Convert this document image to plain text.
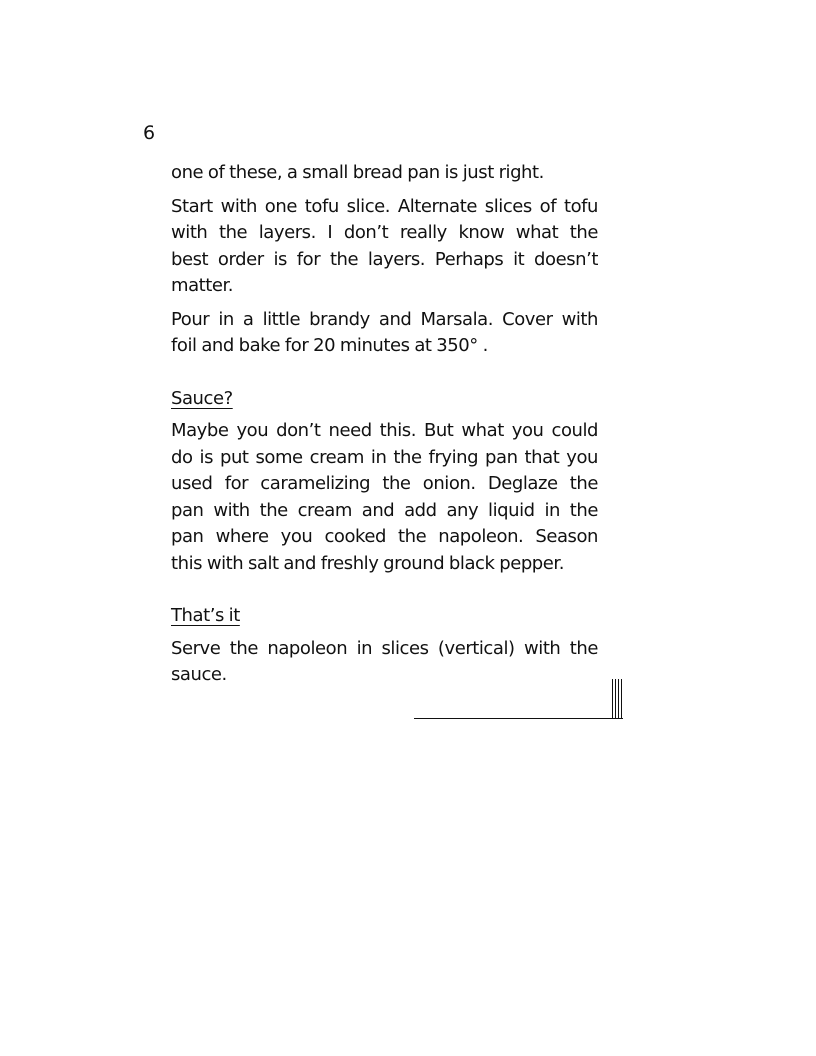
6

one of these, a small bread pan is just right.

Start with one tofu slice. Alternate slices of tofu
with the layers. I don’t really know what the
best order is for the layers. Perhaps it doesn’t
matter.

Pour in a little brandy and Marsala. Cover with
foil and bake for 20 minutes at 350° .

Sauce?

Maybe you don’t need this. But what you could
do is put some cream in the frying pan that you
used for caramelizing the onion. Deglaze the
pan with the cream and add any liquid in the
pan where you cooked the napoleon. Season
this with salt and freshly ground black pepper.

That’s it

Serve the napoleon in slices (vertical) with the
sauce.
